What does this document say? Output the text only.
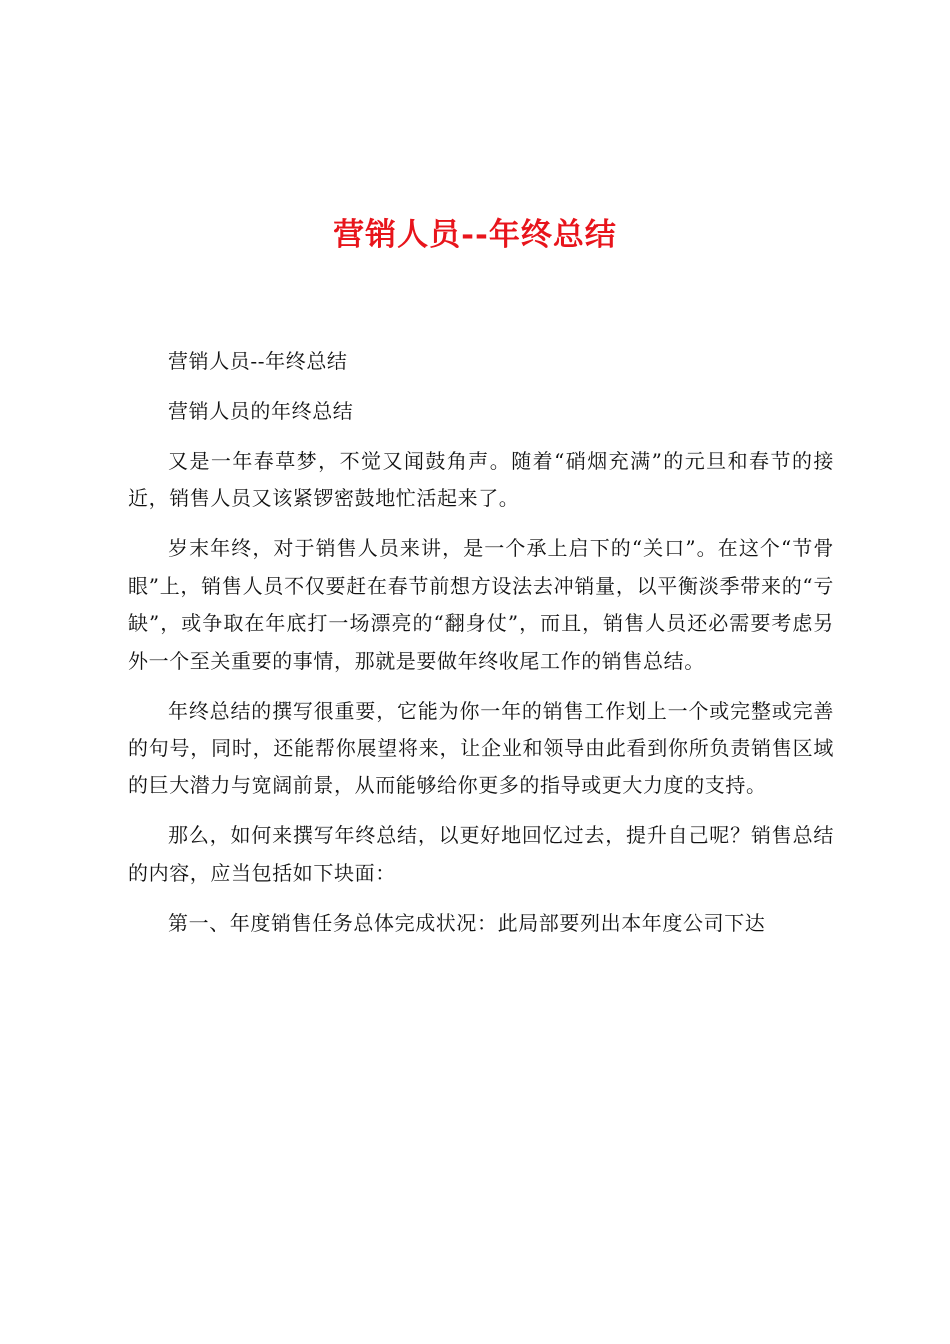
营销人员--年终总结

营销人员--年终总结

营销人员的年终总结

又是一年春草梦，不觉又闻鼓角声。随着“硝烟充满”的元旦和春节的接近，销售人员又该紧锣密鼓地忙活起来了。

岁末年终，对于销售人员来讲，是一个承上启下的“关口”。在这个“节骨眼”上，销售人员不仅要赶在春节前想方设法去冲销量，以平衡淡季带来的“亏缺”，或争取在年底打一场漂亮的“翻身仗”，而且，销售人员还必需要考虑另外一个至关重要的事情，那就是要做年终收尾工作的销售总结。

年终总结的撰写很重要，它能为你一年的销售工作划上一个或完整或完善的句号，同时，还能帮你展望将来，让企业和领导由此看到你所负责销售区域的巨大潜力与宽阔前景，从而能够给你更多的指导或更大力度的支持。

那么，如何来撰写年终总结，以更好地回忆过去，提升自己呢？销售总结的内容，应当包括如下块面：

第一、年度销售任务总体完成状况：此局部要列出本年度公司下达
